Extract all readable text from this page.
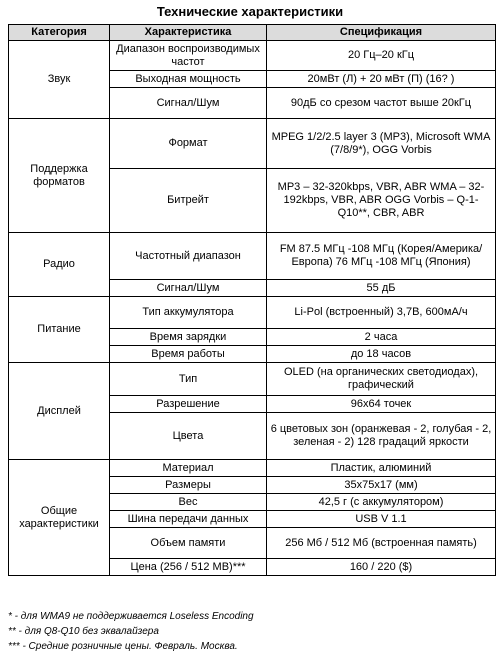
Технические характеристики
Категория	Характеристика	Спецификация
Звук	Диапазон воспроизводимых частот	20 Гц–20 кГц
	Выходная мощность	20мВт (Л) + 20 мВт (П) (16? )
	Сигнал/Шум	90дБ со срезом частот выше 20кГц
Поддержка форматов	Формат	MPEG 1/2/2.5 layer 3 (MP3), Microsoft WMA (7/8/9*), OGG Vorbis
	Битрейт	MP3 – 32-320kbps, VBR, ABR WMA – 32-192kbps, VBR, ABR OGG Vorbis – Q-1-Q10**, CBR, ABR
Радио	Частотный диапазон	FM 87.5 МГц -108 МГц (Корея/Америка/Европа) 76 МГц -108 МГц (Япония)
	Сигнал/Шум	55 дБ
Питание	Тип аккумулятора	Li-Pol (встроенный) 3,7В, 600мА/ч
	Время зарядки	2 часа
	Время работы	до 18 часов
Дисплей	Тип	OLED (на органических светодиодах), графический
	Разрешение	96x64 точек
	Цвета	6 цветовых зон (оранжевая - 2, голубая - 2, зеленая - 2) 128 градаций яркости
Общие характеристики	Материал	Пластик, алюминий
	Размеры	35x75x17 (мм)
	Вес	42,5 г (с аккумулятором)
	Шина передачи данных	USB V 1.1
	Объем памяти	256 Мб / 512 Мб (встроенная память)
	Цена (256 / 512 MB)***	160 / 220 ($)
* - для WMA9 не поддерживается Loseless Encoding
** - для Q8-Q10 без эквалайзера
*** - Средние розничные цены. Февраль. Москва.
